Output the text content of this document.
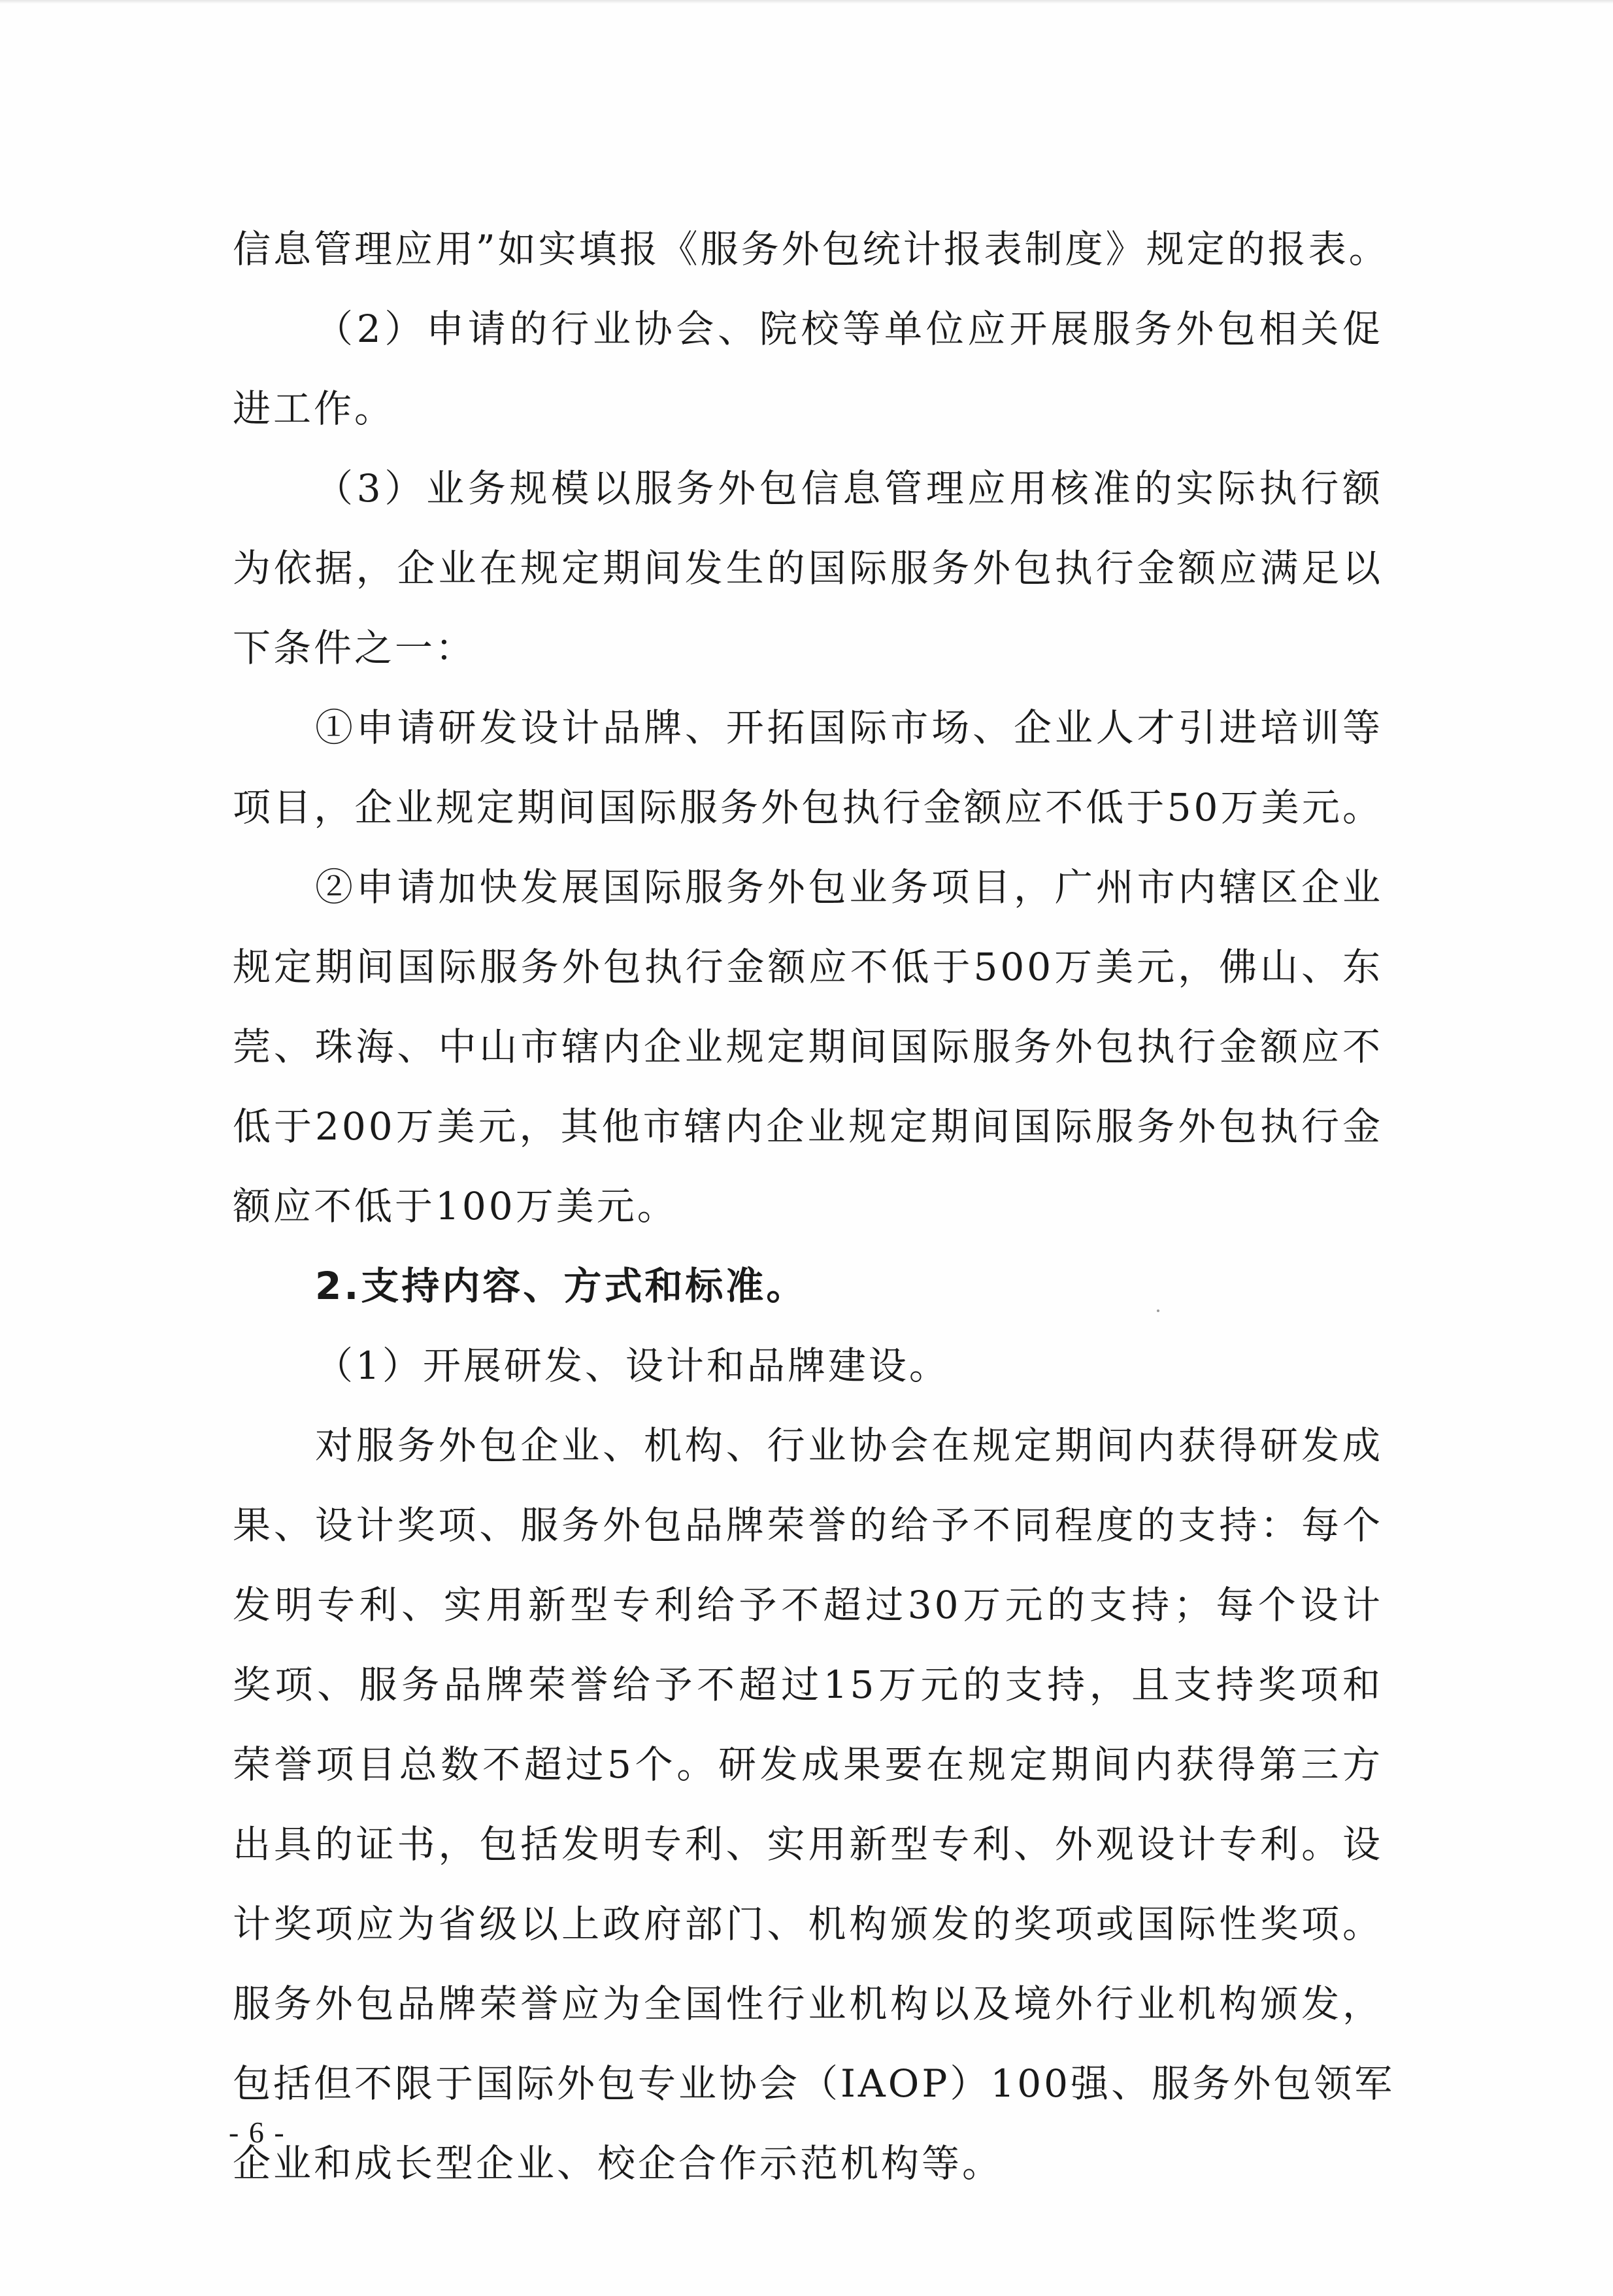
信息管理应用”如实填报《服务外包统计报表制度》规定的报表。
（2）申请的行业协会、院校等单位应开展服务外包相关促
进工作。
（3）业务规模以服务外包信息管理应用核准的实际执行额
为依据，企业在规定期间发生的国际服务外包执行金额应满足以
下条件之一：
①申请研发设计品牌、开拓国际市场、企业人才引进培训等
项目，企业规定期间国际服务外包执行金额应不低于50万美元。
②申请加快发展国际服务外包业务项目，广州市内辖区企业
规定期间国际服务外包执行金额应不低于500万美元，佛山、东
莞、珠海、中山市辖内企业规定期间国际服务外包执行金额应不
低于200万美元，其他市辖内企业规定期间国际服务外包执行金
额应不低于100万美元。
2.支持内容、方式和标准。
（1）开展研发、设计和品牌建设。
对服务外包企业、机构、行业协会在规定期间内获得研发成
果、设计奖项、服务外包品牌荣誉的给予不同程度的支持：每个
发明专利、实用新型专利给予不超过30万元的支持；每个设计
奖项、服务品牌荣誉给予不超过15万元的支持，且支持奖项和
荣誉项目总数不超过5个。研发成果要在规定期间内获得第三方
出具的证书，包括发明专利、实用新型专利、外观设计专利。设
计奖项应为省级以上政府部门、机构颁发的奖项或国际性奖项。
服务外包品牌荣誉应为全国性行业机构以及境外行业机构颁发，
包括但不限于国际外包专业协会（IAOP）100强、服务外包领军
企业和成长型企业、校企合作示范机构等。
- 6 -
